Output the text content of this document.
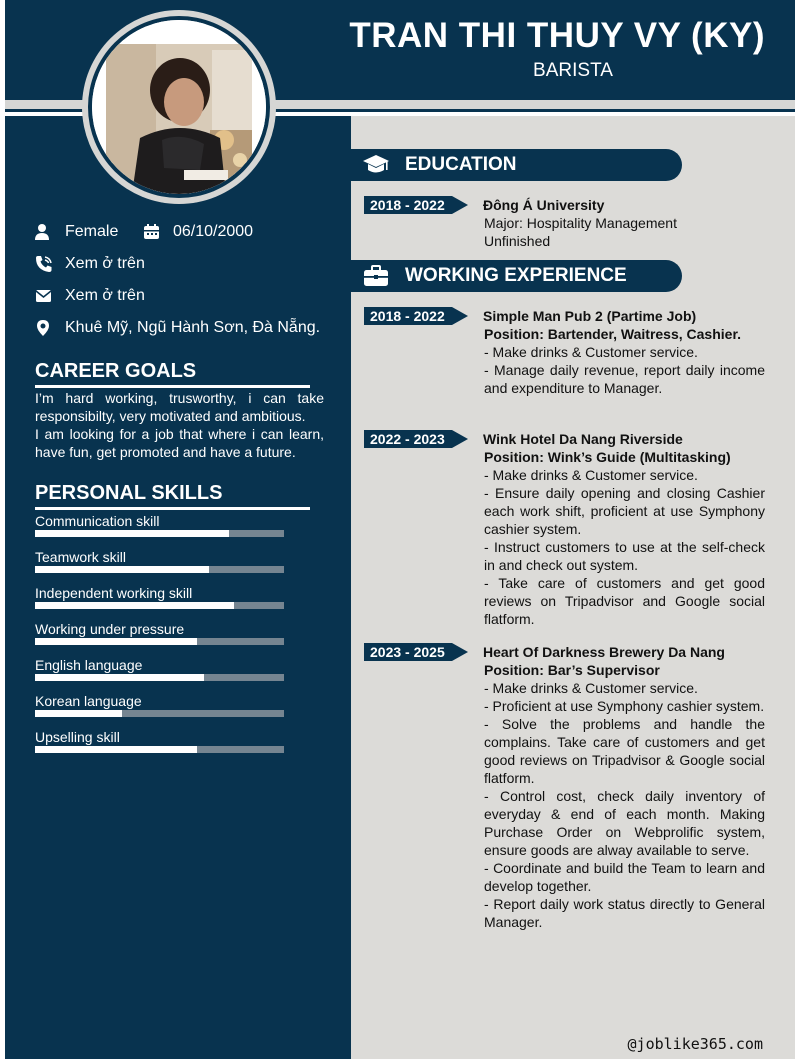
TRAN THI THUY VY (KY)
BARISTA
Female	06/10/2000
Xem ở trên
Xem ở trên
Khuê Mỹ, Ngũ Hành Sơn, Đà Nẵng.
CAREER GOALS

I’m hard working, trusworthy, i can take responsibilty, very motivated and ambitious.

I am looking for a job that where i can learn, have fun, get promoted and have a future.

PERSONAL SKILLS
Communication skill
Teamwork skill
Independent working skill
Working under pressure
English language
Korean language
Upselling skill
EDUCATION
2018 - 2022	Đông Á University
Major: Hospitality Management
Unfinished
WORKING EXPERIENCE
2018 - 2022	Simple Man Pub 2 (Partime Job)
Position: Bartender, Waitress, Cashier.
- Make drinks & Customer service.
- Manage daily revenue, report daily income and expenditure to Manager.
2022 - 2023	Wink Hotel Da Nang Riverside
Position: Wink’s Guide (Multitasking)
- Make drinks & Customer service.
- Ensure daily opening and closing Cashier each work shift, proficient at use Symphony cashier system.
- Instruct customers to use at the self-check in and check out system.
- Take care of customers and get good reviews on Tripadvisor and Google social flatform.
2023 - 2025	Heart Of Darkness Brewery Da Nang
Position: Bar’s Supervisor
- Make drinks & Customer service.
- Proficient at use Symphony cashier system.
- Solve the problems and handle the complains. Take care of customers and get good reviews on Tripadvisor & Google social flatform.
- Control cost, check daily inventory of everyday & end of each month. Making Purchase Order on Webprolific system, ensure goods are alway available to serve.
- Coordinate and build the Team to learn and develop together.
- Report daily work status directly to General Manager.
@joblike365.com
